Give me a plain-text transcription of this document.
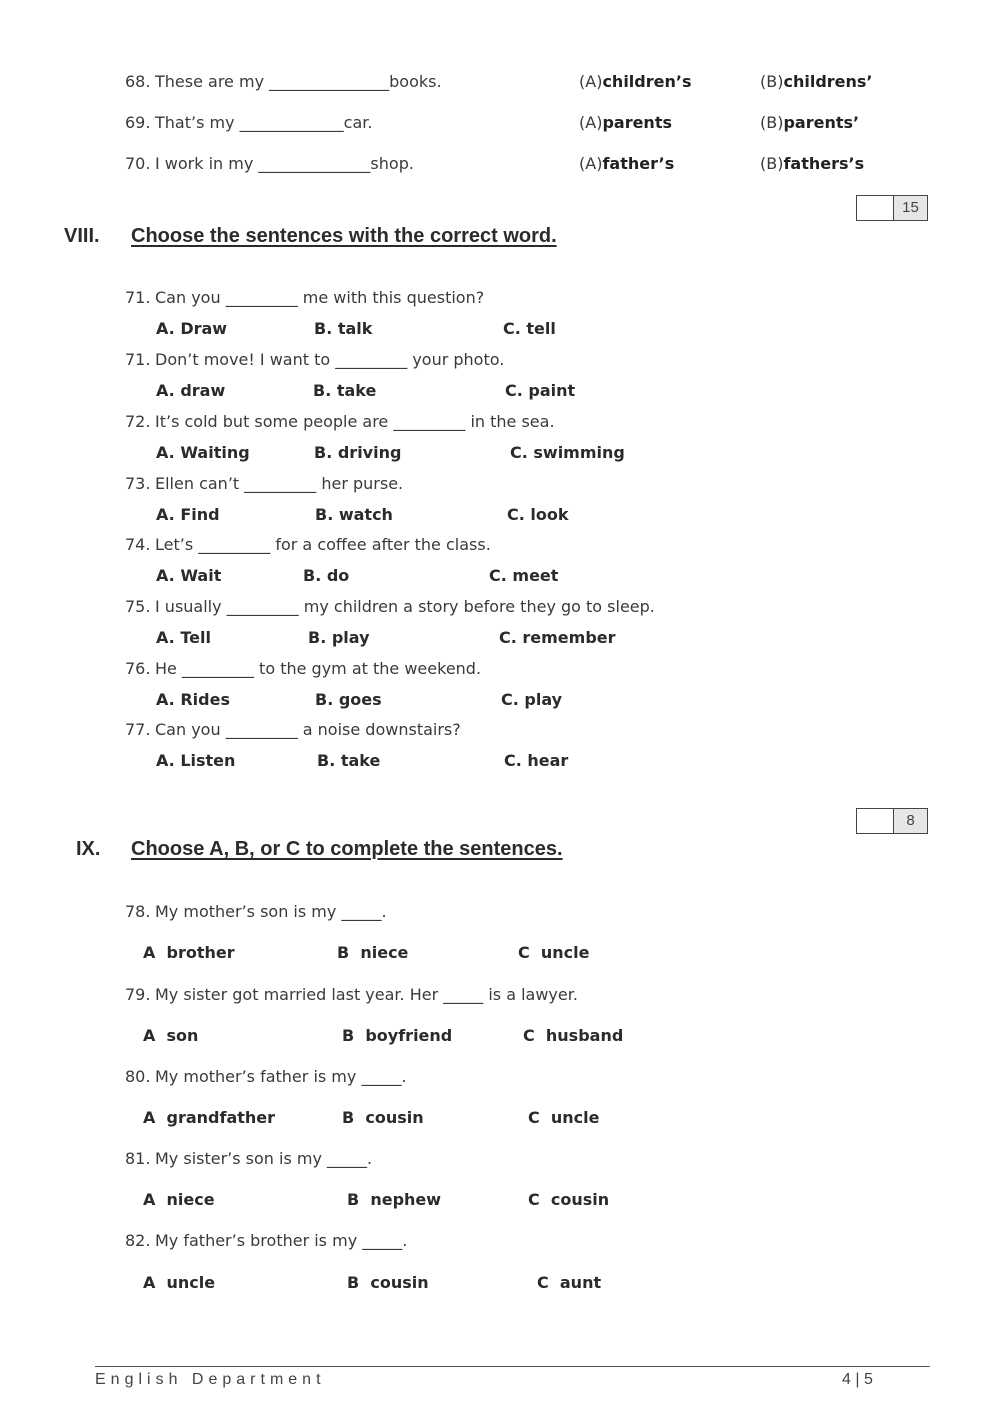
68. These are my _______________books.	(A)children’s	(B)childrens’
69. That’s my _____________car.	(A)parents	(B)parents’
70. I work in my ______________shop.	(A)father’s	(B)fathers’s
15
VIII. Choose the sentences with the correct word.
71. Can you _________ me with this question?
A. Draw	B. talk	C. tell
71. Don’t move! I want to _________ your photo.
A. draw	B. take	C. paint
72. It’s cold but some people are _________ in the sea.
A. Waiting	B. driving	C. swimming
73. Ellen can’t _________ her purse.
A. Find	B. watch	C. look
74. Let’s _________ for a coffee after the class.
A. Wait	B. do	C. meet
75. I usually _________ my children a story before they go to sleep.
A. Tell	B. play	C. remember
76. He _________ to the gym at the weekend.
A. Rides	B. goes	C. play
77. Can you _________ a noise downstairs?
A. Listen	B. take	C. hear
8
IX. Choose A, B, or C to complete the sentences.
78. My mother’s son is my _____.
A  brother	B  niece	C  uncle
79. My sister got married last year. Her _____ is a lawyer.
A  son	B  boyfriend	C  husband
80. My mother’s father is my _____.
A  grandfather	B  cousin	C  uncle
81. My sister’s son is my _____.
A  niece	B  nephew	C  cousin
82. My father’s brother is my _____.
A  uncle	B  cousin	C  aunt
English Department	4 | 5
